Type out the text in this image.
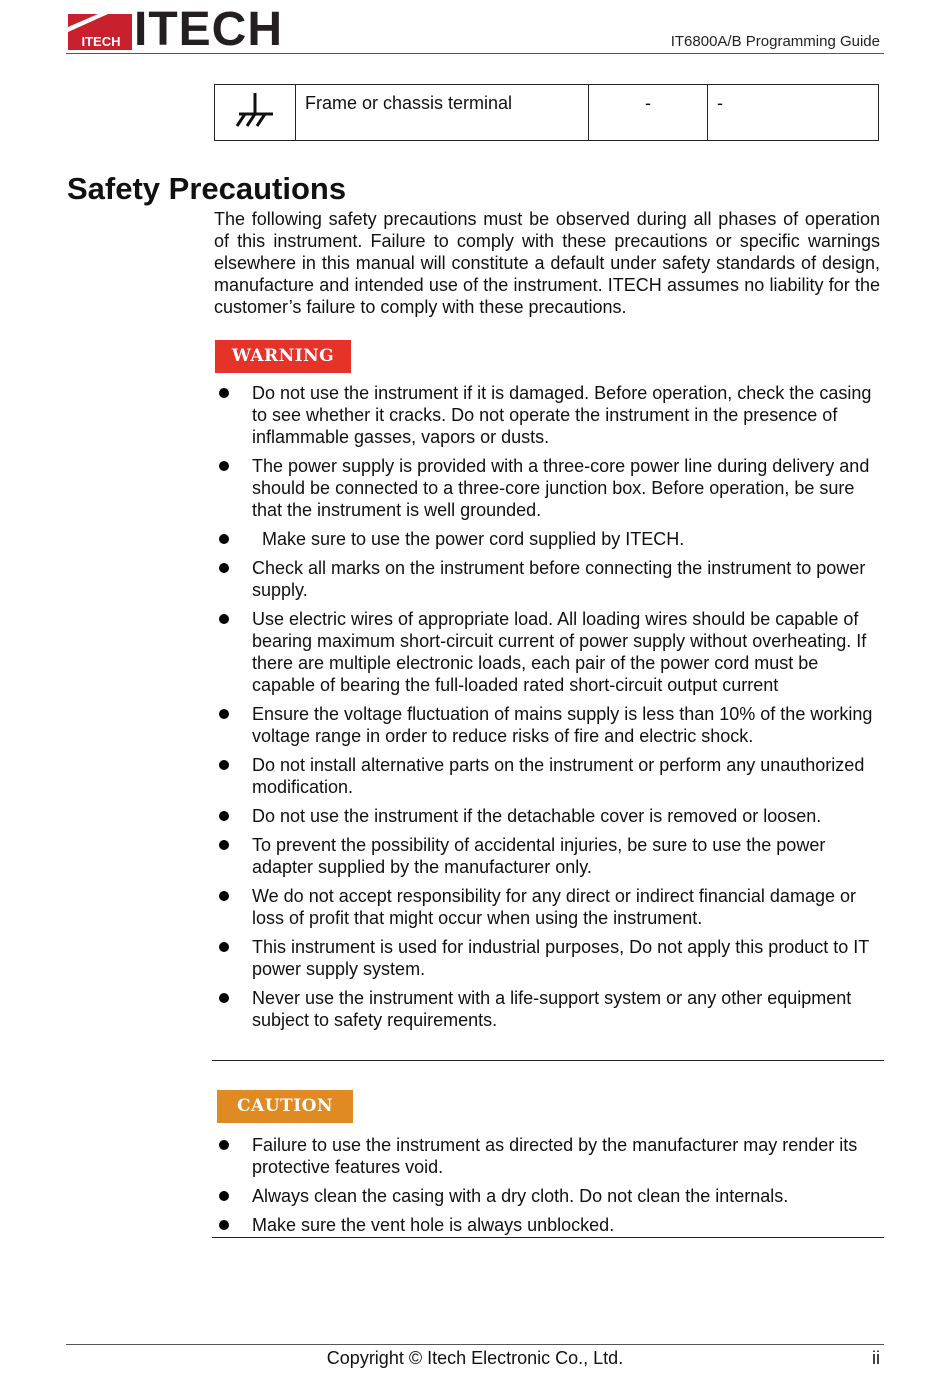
ITECH ITECH	IT6800A/B Programming Guide
	Frame or chassis terminal	-	-
Safety Precautions

The following safety precautions must be observed during all phases of operation of this instrument. Failure to comply with these precautions or specific warnings elsewhere in this manual will constitute a default under safety standards of design, manufacture and intended use of the instrument. ITECH assumes no liability for the customer’s failure to comply with these precautions.

WARNING
Do not use the instrument if it is damaged. Before operation, check the casing to see whether it cracks. Do not operate the instrument in the presence of inflammable gasses, vapors or dusts.
The power supply is provided with a three-core power line during delivery and should be connected to a three-core junction box. Before operation, be sure that the instrument is well grounded.
Make sure to use the power cord supplied by ITECH.
Check all marks on the instrument before connecting the instrument to power supply.
Use electric wires of appropriate load. All loading wires should be capable of bearing maximum short-circuit current of power supply without overheating. If there are multiple electronic loads, each pair of the power cord must be capable of bearing the full-loaded rated short-circuit output current
Ensure the voltage fluctuation of mains supply is less than 10% of the working voltage range in order to reduce risks of fire and electric shock.
Do not install alternative parts on the instrument or perform any unauthorized modification.
Do not use the instrument if the detachable cover is removed or loosen.
To prevent the possibility of accidental injuries, be sure to use the power adapter supplied by the manufacturer only.
We do not accept responsibility for any direct or indirect financial damage or loss of profit that might occur when using the instrument.
This instrument is used for industrial purposes, Do not apply this product to IT power supply system.
Never use the instrument with a life-support system or any other equipment subject to safety requirements.
CAUTION
Failure to use the instrument as directed by the manufacturer may render its protective features void.
Always clean the casing with a dry cloth. Do not clean the internals.
Make sure the vent hole is always unblocked.
Copyright © Itech Electronic Co., Ltd.	ii
